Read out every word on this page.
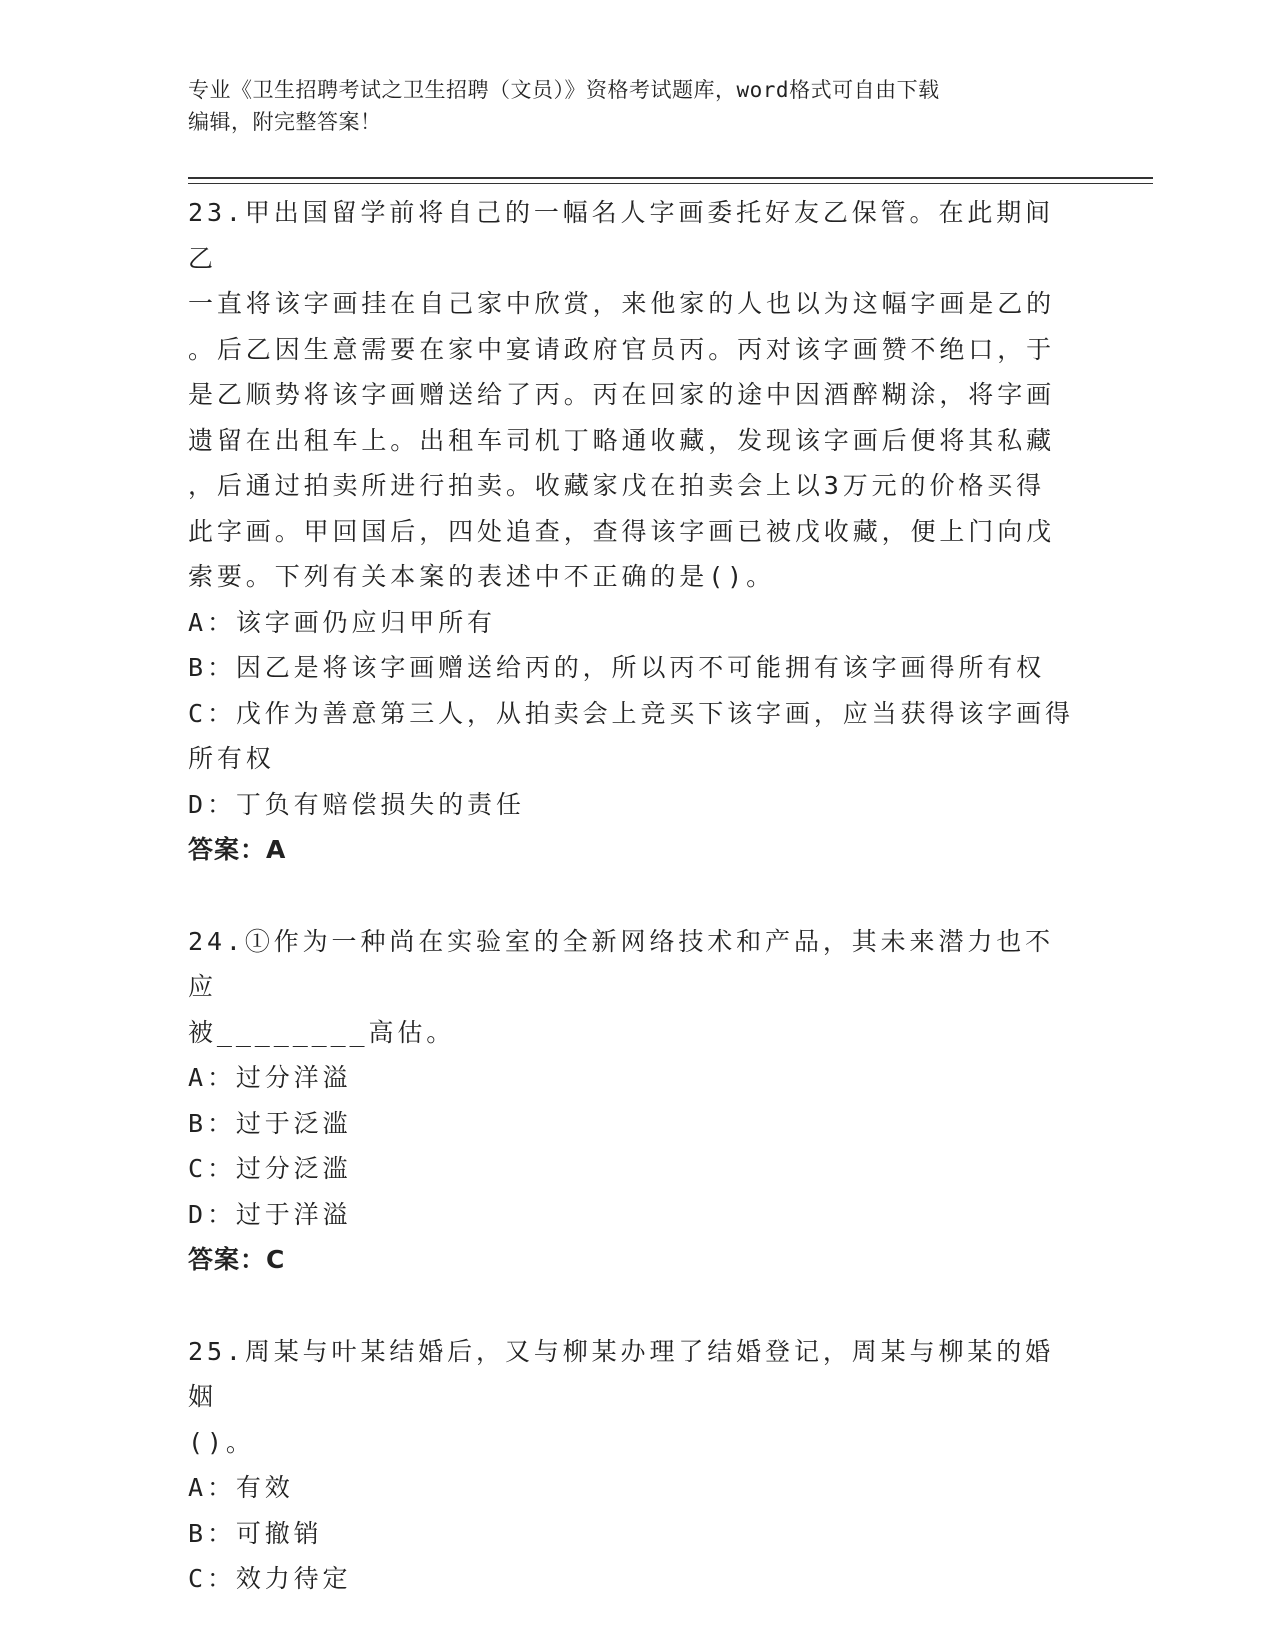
专业《卫生招聘考试之卫生招聘（文员）》资格考试题库，word格式可自由下载
编辑，附完整答案！

23.甲出国留学前将自己的一幅名人字画委托好友乙保管。在此期间乙

一直将该字画挂在自己家中欣赏，来他家的人也以为这幅字画是乙的

。后乙因生意需要在家中宴请政府官员丙。丙对该字画赞不绝口，于

是乙顺势将该字画赠送给了丙。丙在回家的途中因酒醉糊涂，将字画

遗留在出租车上。出租车司机丁略通收藏，发现该字画后便将其私藏

，后通过拍卖所进行拍卖。收藏家戊在拍卖会上以3万元的价格买得

此字画。甲回国后，四处追查，查得该字画已被戊收藏，便上门向戊

索要。下列有关本案的表述中不正确的是()。

A：该字画仍应归甲所有

B：因乙是将该字画赠送给丙的，所以丙不可能拥有该字画得所有权

C：戊作为善意第三人，从拍卖会上竞买下该字画，应当获得该字画得

所有权

D：丁负有赔偿损失的责任

答案：A

24.①作为一种尚在实验室的全新网络技术和产品，其未来潜力也不应

被________高估。

A：过分洋溢

B：过于泛滥

C：过分泛滥

D：过于洋溢

答案：C

25.周某与叶某结婚后，又与柳某办理了结婚登记，周某与柳某的婚姻

()。

A：有效

B：可撤销

C：效力待定
